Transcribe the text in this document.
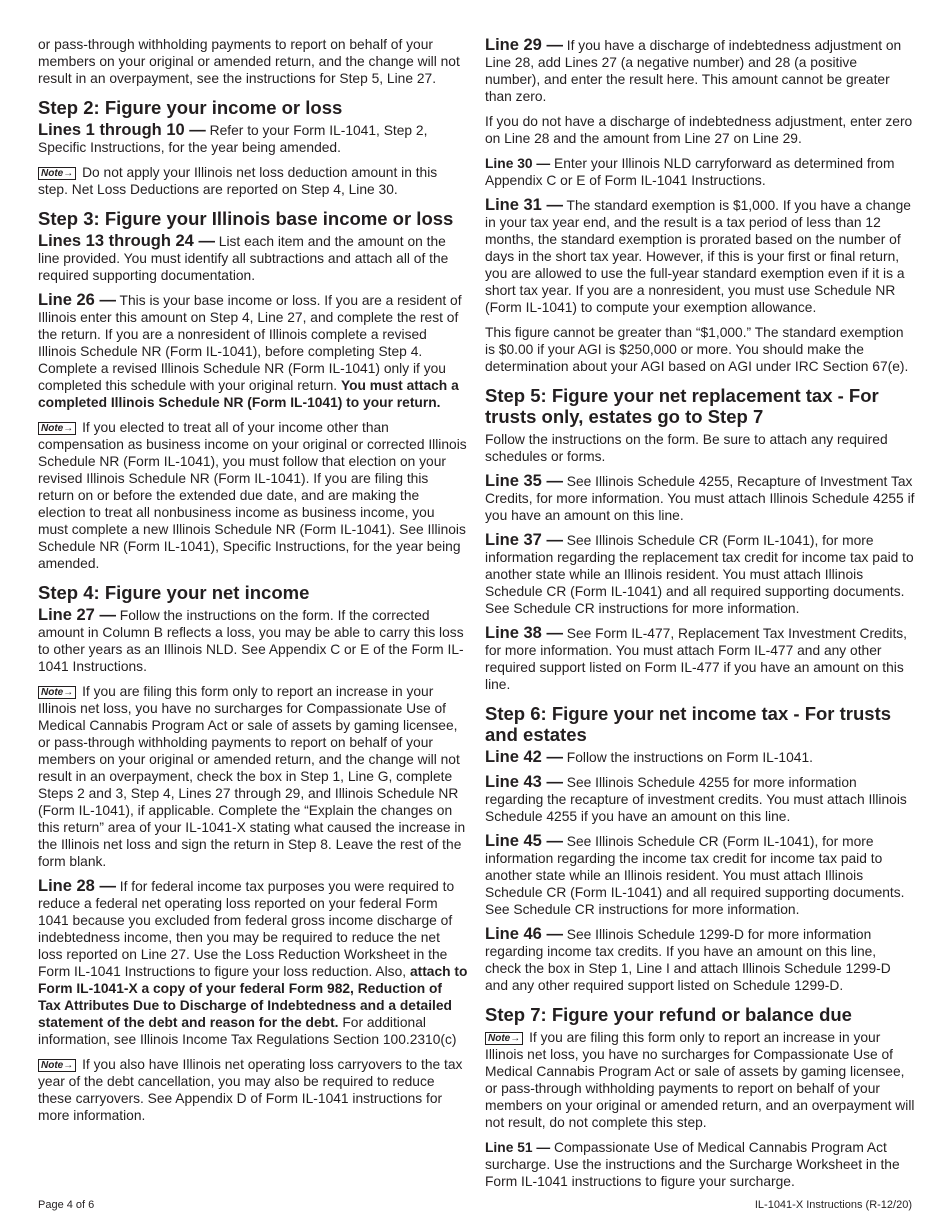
or pass-through withholding payments to report on behalf of your members on your original or amended return, and the change will not result in an overpayment, see the instructions for Step 5, Line 27.

Step 2: Figure your income or loss

Lines 1 through 10 — Refer to your Form IL-1041, Step 2, Specific Instructions, for the year being amended.

Note→ Do not apply your Illinois net loss deduction amount in this step. Net Loss Deductions are reported on Step 4, Line 30.

Step 3: Figure your Illinois base income or loss

Lines 13 through 24 — List each item and the amount on the line provided. You must identify all subtractions and attach all of the required supporting documentation.

Line 26 — This is your base income or loss. If you are a resident of Illinois enter this amount on Step 4, Line 27, and complete the rest of the return. If you are a nonresident of Illinois complete a revised Illinois Schedule NR (Form IL-1041), before completing Step 4. Complete a revised Illinois Schedule NR (Form IL-1041) only if you completed this schedule with your original return. You must attach a completed Illinois Schedule NR (Form IL-1041) to your return.

Note→ If you elected to treat all of your income other than compensation as business income on your original or corrected Illinois Schedule NR (Form IL-1041), you must follow that election on your revised Illinois Schedule NR (Form IL-1041). If you are filing this return on or before the extended due date, and are making the election to treat all nonbusiness income as business income, you must complete a new Illinois Schedule NR (Form IL-1041). See Illinois Schedule NR (Form IL-1041), Specific Instructions, for the year being amended.

Step 4: Figure your net income

Line 27 — Follow the instructions on the form. If the corrected amount in Column B reflects a loss, you may be able to carry this loss to other years as an Illinois NLD. See Appendix C or E of the Form IL-1041 Instructions.

Note→ If you are filing this form only to report an increase in your Illinois net loss, you have no surcharges for Compassionate Use of Medical Cannabis Program Act or sale of assets by gaming licensee, or pass-through withholding payments to report on behalf of your members on your original or amended return, and the change will not result in an overpayment, check the box in Step 1, Line G, complete Steps 2 and 3, Step 4, Lines 27 through 29, and Illinois Schedule NR (Form IL-1041), if applicable. Complete the “Explain the changes on this return” area of your IL-1041-X stating what caused the increase in the Illinois net loss and sign the return in Step 8. Leave the rest of the form blank.

Line 28 — If for federal income tax purposes you were required to reduce a federal net operating loss reported on your federal Form 1041 because you excluded from federal gross income discharge of indebtedness income, then you may be required to reduce the net loss reported on Line 27. Use the Loss Reduction Worksheet in the Form IL-1041 Instructions to figure your loss reduction. Also, attach to Form IL-1041-X a copy of your federal Form 982, Reduction of Tax Attributes Due to Discharge of Indebtedness and a detailed statement of the debt and reason for the debt. For additional information, see Illinois Income Tax Regulations Section 100.2310(c)

Note→ If you also have Illinois net operating loss carryovers to the tax year of the debt cancellation, you may also be required to reduce these carryovers. See Appendix D of Form IL-1041 instructions for more information.

Line 29 — If you have a discharge of indebtedness adjustment on Line 28, add Lines 27 (a negative number) and 28 (a positive number), and enter the result here. This amount cannot be greater than zero.

If you do not have a discharge of indebtedness adjustment, enter zero on Line 28 and the amount from Line 27 on Line 29.

Line 30 — Enter your Illinois NLD carryforward as determined from Appendix C or E of Form IL-1041 Instructions.

Line 31 — The standard exemption is $1,000. If you have a change in your tax year end, and the result is a tax period of less than 12 months, the standard exemption is prorated based on the number of days in the short tax year. However, if this is your first or final return, you are allowed to use the full-year standard exemption even if it is a short tax year. If you are a nonresident, you must use Schedule NR (Form IL-1041) to compute your exemption allowance.

This figure cannot be greater than “$1,000.” The standard exemption is $0.00 if your AGI is $250,000 or more. You should make the determination about your AGI based on AGI under IRC Section 67(e).

Step 5: Figure your net replacement tax - For trusts only, estates go to Step 7

Follow the instructions on the form. Be sure to attach any required schedules or forms.

Line 35 — See Illinois Schedule 4255, Recapture of Investment Tax Credits, for more information. You must attach Illinois Schedule 4255 if you have an amount on this line.

Line 37 — See Illinois Schedule CR (Form IL-1041), for more information regarding the replacement tax credit for income tax paid to another state while an Illinois resident. You must attach Illinois Schedule CR (Form IL-1041) and all required supporting documents. See Schedule CR instructions for more information.

Line 38 — See Form IL-477, Replacement Tax Investment Credits, for more information. You must attach Form IL-477 and any other required support listed on Form IL-477 if you have an amount on this line.

Step 6: Figure your net income tax - For trusts and estates

Line 42 — Follow the instructions on Form IL-1041.

Line 43 — See Illinois Schedule 4255 for more information regarding the recapture of investment credits. You must attach Illinois Schedule 4255 if you have an amount on this line.

Line 45 — See Illinois Schedule CR (Form IL-1041), for more information regarding the income tax credit for income tax paid to another state while an Illinois resident. You must attach Illinois Schedule CR (Form IL-1041) and all required supporting documents. See Schedule CR instructions for more information.

Line 46 — See Illinois Schedule 1299-D for more information regarding income tax credits. If you have an amount on this line, check the box in Step 1, Line I and attach Illinois Schedule 1299-D and any other required support listed on Schedule 1299-D.

Step 7: Figure your refund or balance due

Note→ If you are filing this form only to report an increase in your Illinois net loss, you have no surcharges for Compassionate Use of Medical Cannabis Program Act or sale of assets by gaming licensee, or pass-through withholding payments to report on behalf of your members on your original or amended return, and an overpayment will not result, do not complete this step.

Line 51 — Compassionate Use of Medical Cannabis Program Act surcharge. Use the instructions and the Surcharge Worksheet in the Form IL-1041 instructions to figure your surcharge.

Page 4 of 6	IL-1041-X Instructions (R-12/20)
